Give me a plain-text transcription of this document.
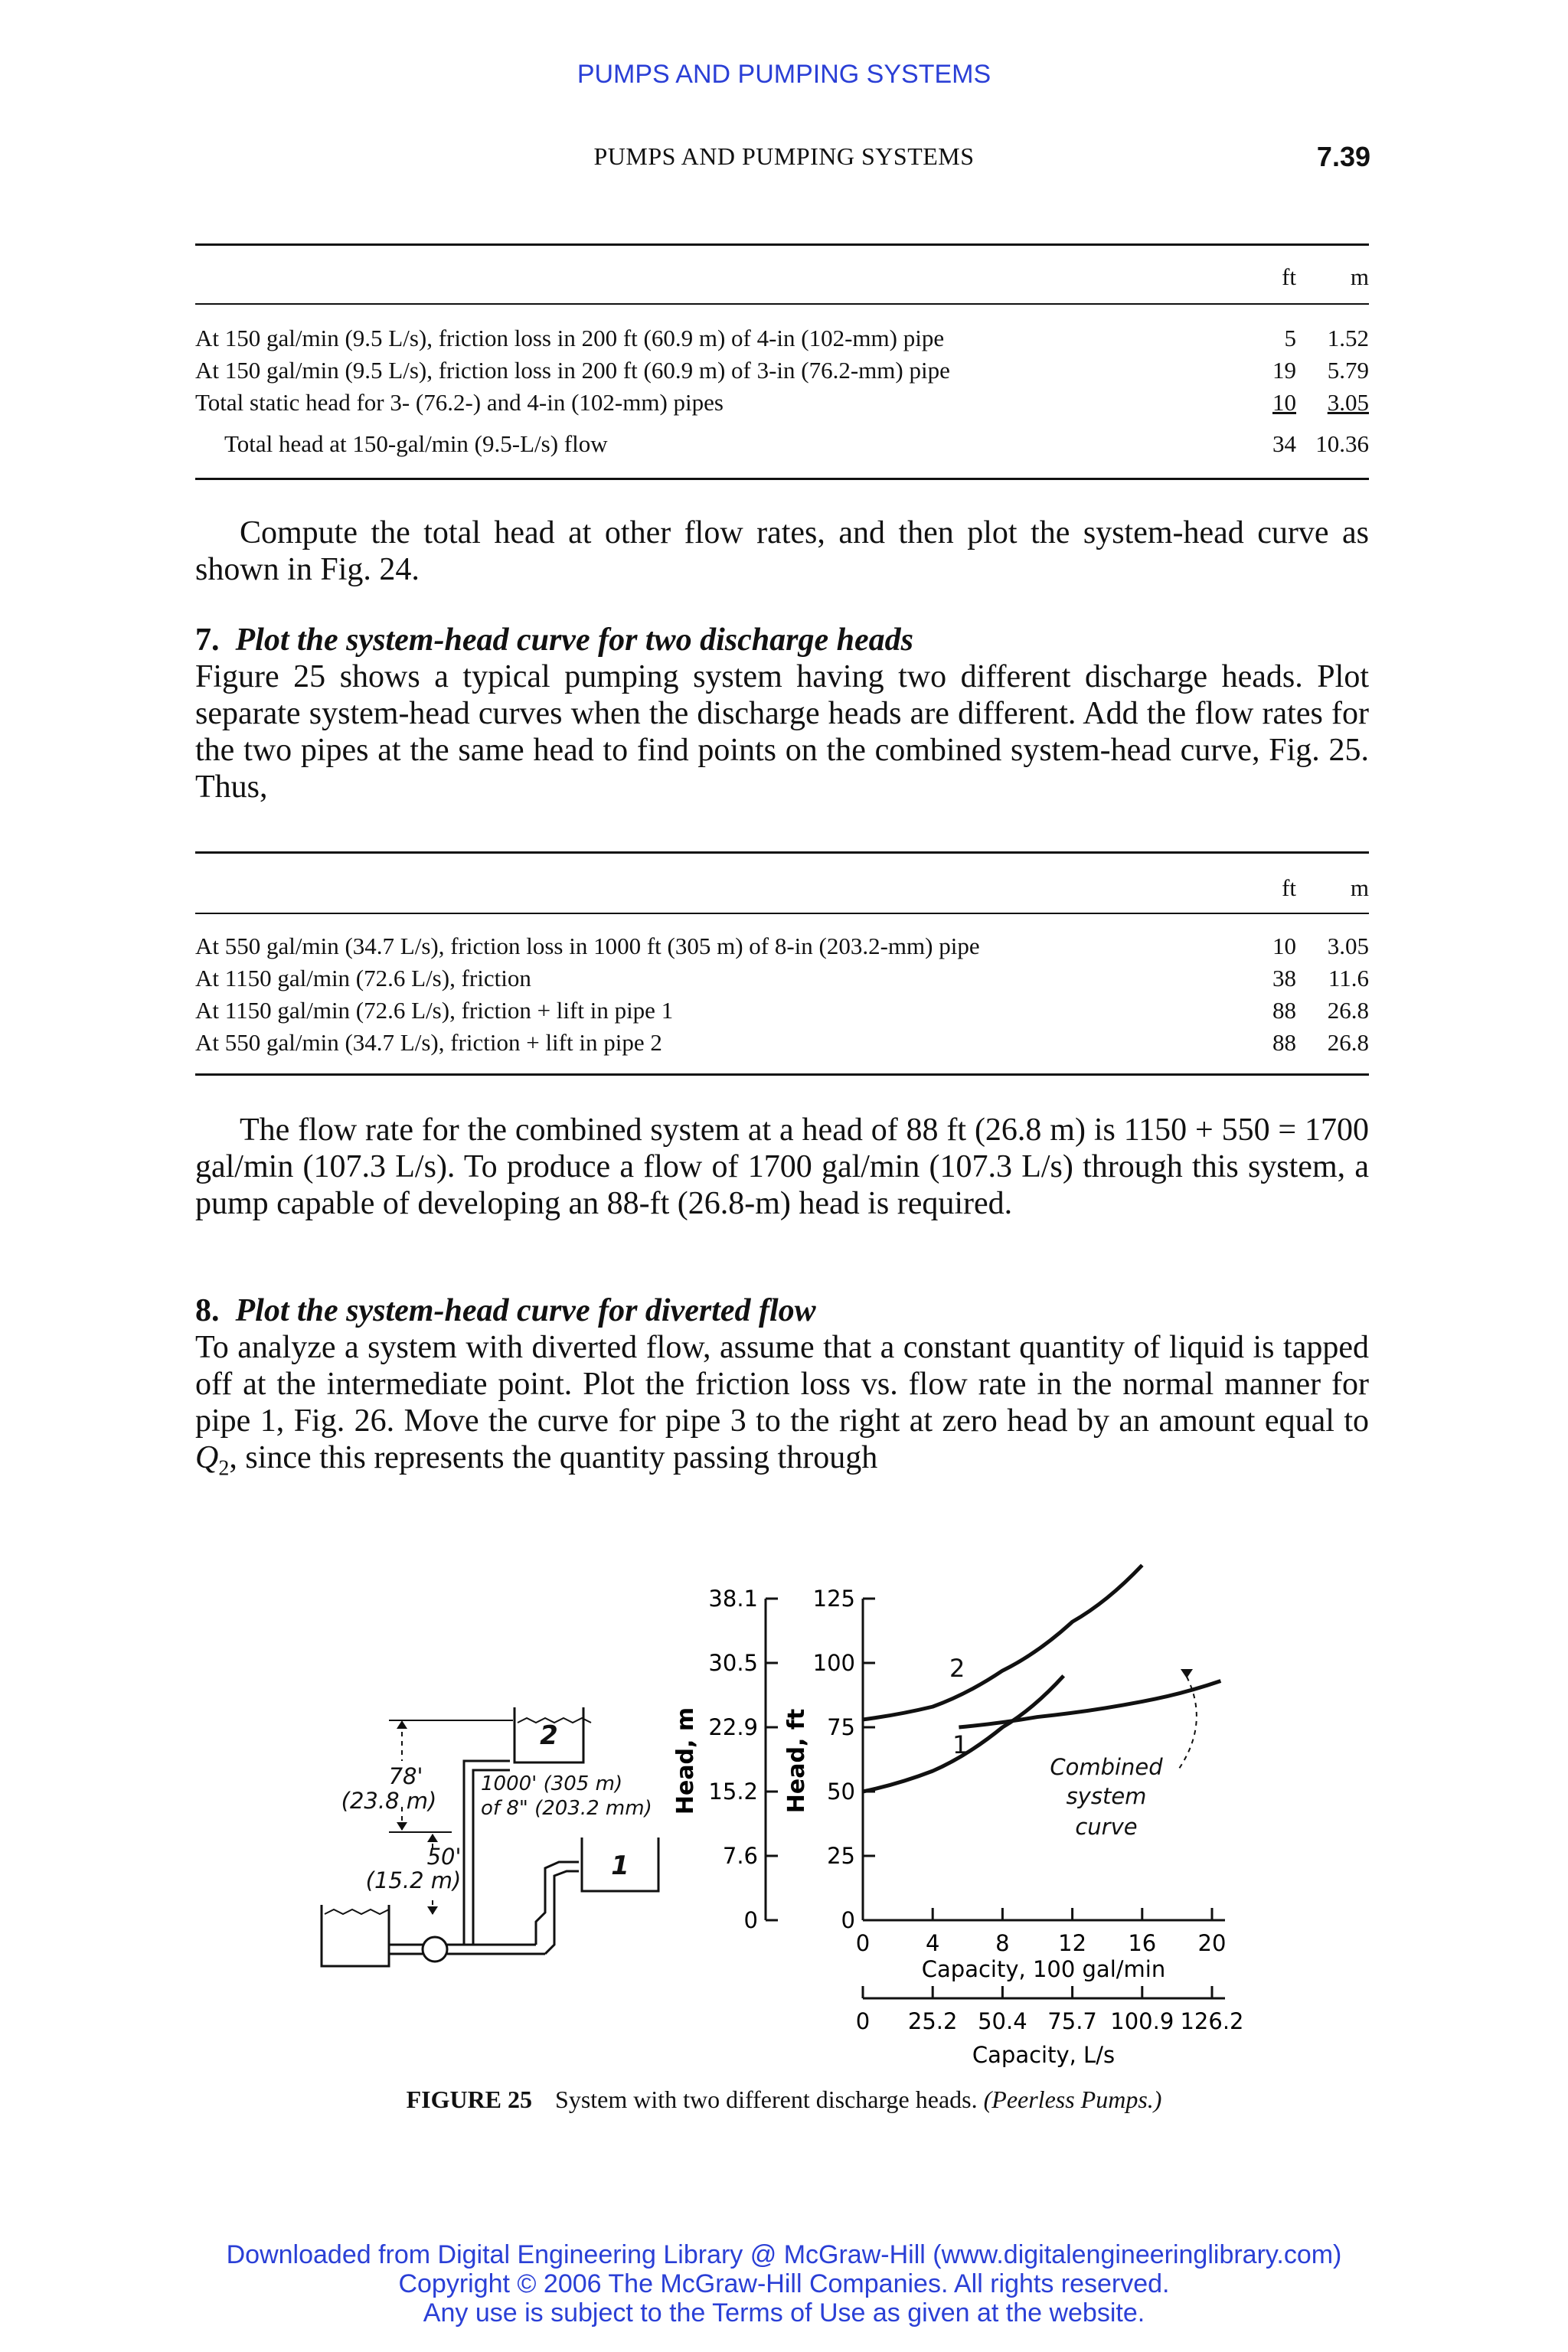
PUMPS AND PUMPING SYSTEMS
PUMPS AND PUMPING SYSTEMS	7.39
	ft	m
At 150 gal/min (9.5 L/s), friction loss in 200 ft (60.9 m) of 4-in (102-mm) pipe	5	1.52
At 150 gal/min (9.5 L/s), friction loss in 200 ft (60.9 m) of 3-in (76.2-mm) pipe	19	5.79
Total static head for 3- (76.2-) and 4-in (102-mm) pipes	10	3.05
Total head at 150-gal/min (9.5-L/s) flow	34	10.36

Compute the total head at other flow rates, and then plot the system-head curve as shown in Fig. 24.

7. Plot the system-head curve for two discharge heads

Figure 25 shows a typical pumping system having two different discharge heads. Plot separate system-head curves when the discharge heads are different. Add the flow rates for the two pipes at the same head to find points on the combined system-head curve, Fig. 25. Thus,

	ft	m
At 550 gal/min (34.7 L/s), friction loss in 1000 ft (305 m) of 8-in (203.2-mm) pipe	10	3.05
At 1150 gal/min (72.6 L/s), friction	38	11.6
At 1150 gal/min (72.6 L/s), friction + lift in pipe 1	88	26.8
At 550 gal/min (34.7 L/s), friction + lift in pipe 2	88	26.8

The flow rate for the combined system at a head of 88 ft (26.8 m) is 1150 + 550 = 1700 gal/min (107.3 L/s). To produce a flow of 1700 gal/min (107.3 L/s) through this system, a pump capable of developing an 88-ft (26.8-m) head is required.

8. Plot the system-head curve for diverted flow

To analyze a system with diverted flow, assume that a constant quantity of liquid is tapped off at the intermediate point. Plot the friction loss vs. flow rate in the normal manner for pipe 1, Fig. 26. Move the curve for pipe 3 to the right at zero head by an amount equal to $Q_2$, since this represents the quantity passing through

2
1
78'
(23.8 m)
50'
(15.2 m)
1000' (305 m)
of 8" (203.2 mm)
38.1
30.5
22.9
15.2
7.6
0
125
100
75
50
25
0
0	4	8 12 16 20
0 25.2 50.4 75.7 100.9 126.2
Head, m	Head, ft
Capacity, 100 gal/min
Capacity, L/s
2
1
Combined
system
curve
FIGURE 25 System with two different discharge heads. (Peerless Pumps.)
Downloaded from Digital Engineering Library @ McGraw-Hill (www.digitalengineeringlibrary.com)
Copyright © 2006 The McGraw-Hill Companies. All rights reserved.
Any use is subject to the Terms of Use as given at the website.
